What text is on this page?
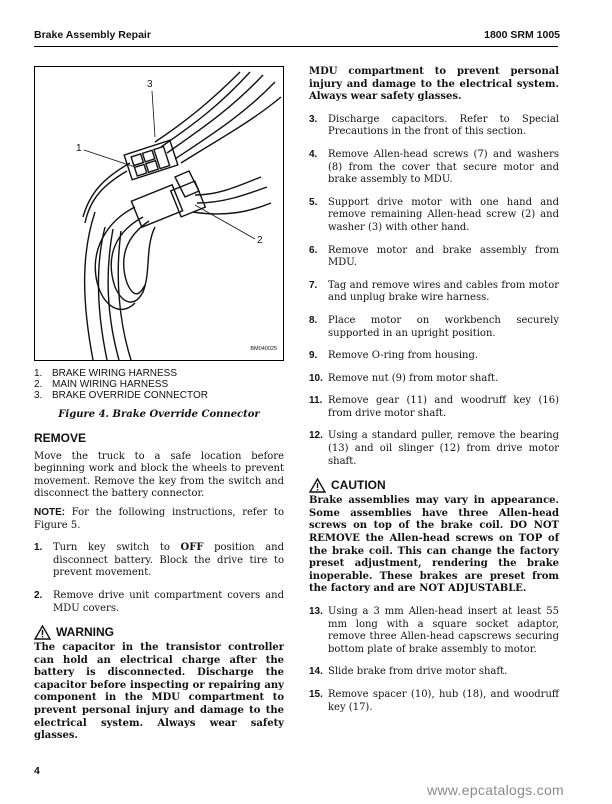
Brake Assembly Repair	1800 SRM 1005
1
3
2
BM040025
1. BRAKE WIRING HARNESS
2. MAIN WIRING HARNESS
3. BRAKE OVERRIDE CONNECTOR
Figure 4. Brake Override Connector
REMOVE

Move the truck to a safe location before beginning work and block the wheels to prevent movement. Remove the key from the switch and disconnect the battery connector.

NOTE: For the following instructions, refer to Figure 5.

1.	Turn key switch to OFF position and disconnect battery. Block the drive tire to prevent movement.
2.	Remove drive unit compartment covers and MDU covers.
WARNING
The capacitor in the transistor controller can hold an electrical charge after the battery is disconnected. Discharge the capacitor before inspecting or repairing any component in the MDU compartment to prevent personal injury and damage to the electrical system. Always wear safety glasses.
MDU compartment to prevent personal injury and damage to the electrical system. Always wear safety glasses.
3.	Discharge capacitors. Refer to Special Precautions in the front of this section.
4.	Remove Allen-head screws (7) and washers (8) from the cover that secure motor and brake assembly to MDU.
5.	Support drive motor with one hand and remove remaining Allen-head screw (2) and washer (3) with other hand.
6.	Remove motor and brake assembly from MDU.
7.	Tag and remove wires and cables from motor and unplug brake wire harness.
8.	Place motor on workbench securely supported in an upright position.
9.	Remove O-ring from housing.
10. Remove nut (9) from motor shaft.
11. Remove gear (11) and woodruff key (16) from drive motor shaft.
12. Using a standard puller, remove the bearing (13) and oil slinger (12) from drive motor shaft.
CAUTION
Brake assemblies may vary in appearance. Some assemblies have three Allen-head screws on top of the brake coil. DO NOT REMOVE the Allen-head screws on TOP of the brake coil. This can change the factory preset adjustment, rendering the brake inoperable. These brakes are preset from the factory and are NOT ADJUSTABLE.
13. Using a 3 mm Allen-head insert at least 55 mm long with a square socket adaptor, remove three Allen-head capscrews securing bottom plate of brake assembly to motor.
14. Slide brake from drive motor shaft.
15. Remove spacer (10), hub (18), and woodruff key (17).
4
www.epcatalogs.com
